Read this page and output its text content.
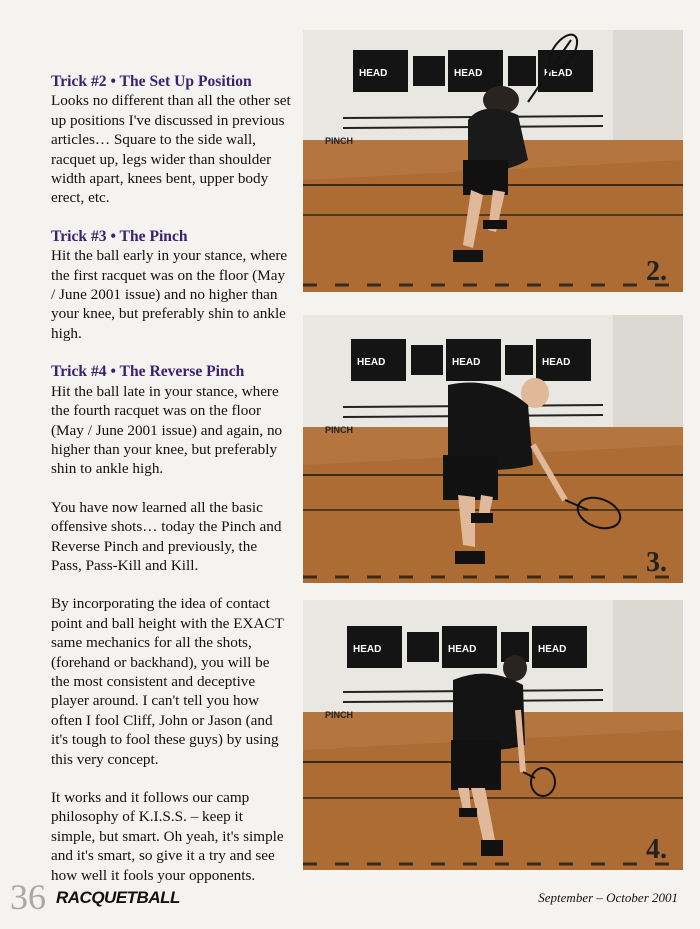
Trick #2 • The Set Up Position
Looks no different than all the other set up positions I've discussed in previous articles… Square to the side wall, racquet up, legs wider than shoulder width apart, knees bent, upper body erect, etc.
Trick #3 • The Pinch
Hit the ball early in your stance, where the first racquet was on the floor (May / June 2001 issue) and no higher than your knee, but preferably shin to ankle high.
Trick #4 • The Reverse Pinch
Hit the ball late in your stance, where the fourth racquet was on the floor (May / June 2001 issue) and again, no higher than your knee, but preferably shin to ankle high.
You have now learned all the basic offensive shots… today the Pinch and Reverse Pinch and previously, the Pass, Pass-Kill and Kill.
By incorporating the idea of contact point and ball height with the EXACT same mechanics for all the shots, (forehand or backhand), you will be the most consistent and deceptive player around. I can't tell you how often I fool Cliff, John or Jason (and it's tough to fool these guys) by using this very concept.
It works and it follows our camp philosophy of K.I.S.S. – keep it simple, but smart. Oh yeah, it's simple and it's smart, so give it a try and see how well it fools your opponents.
HEAD	HEAD	HEAD
PINCH
2.
HEAD	HEAD	HEAD
PINCH
3.
HEAD	HEAD	HEAD
PINCH
4.
36 RACQUETBALL	September – October 2001
